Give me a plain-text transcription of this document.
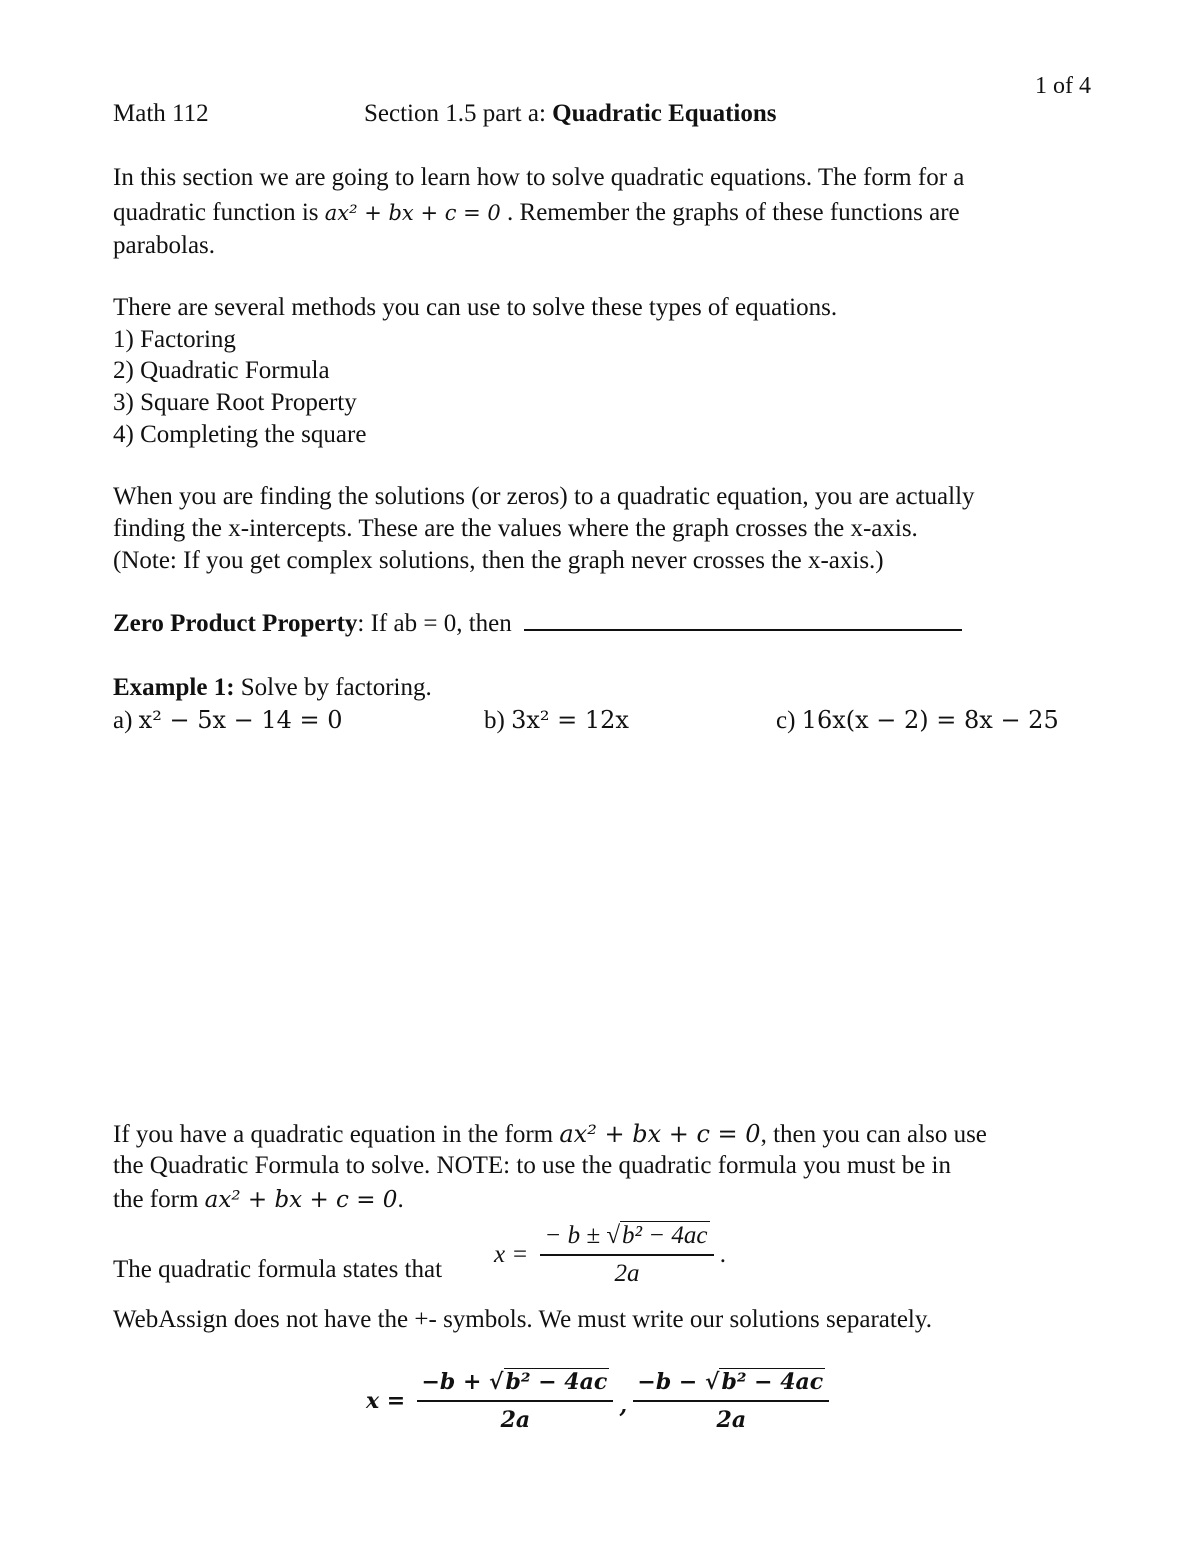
1 of 4
Math 112	Section 1.5 part a: Quadratic Equations
In this section we are going to learn how to solve quadratic equations. The form for a
quadratic function is ax² + bx + c = 0 . Remember the graphs of these functions are
parabolas.
There are several methods you can use to solve these types of equations.
1) Factoring
2) Quadratic Formula
3) Square Root Property
4) Completing the square
When you are finding the solutions (or zeros) to a quadratic equation, you are actually
finding the x-intercepts. These are the values where the graph crosses the x-axis.
(Note: If you get complex solutions, then the graph never crosses the x-axis.)
Zero Product Property: If ab = 0, then
Example 1: Solve by factoring.
a) x² − 5x − 14 = 0	b) 3x² = 12x	c) 16x(x − 2) = 8x − 25
If you have a quadratic equation in the form ax² + bx + c = 0, then you can also use
the Quadratic Formula to solve. NOTE: to use the quadratic formula you must be in
the form ax² + bx + c = 0.
The quadratic formula states that
$x = \frac{\text{− b ± √b² − 4ac}}{2a}$ .
WebAssign does not have the +- symbols. We must write our solutions separately.
$x = \frac{\text{−b + √b² − 4ac}}{2a}$ , $\frac{\text{−b − √b² − 4ac}}{2a}$
